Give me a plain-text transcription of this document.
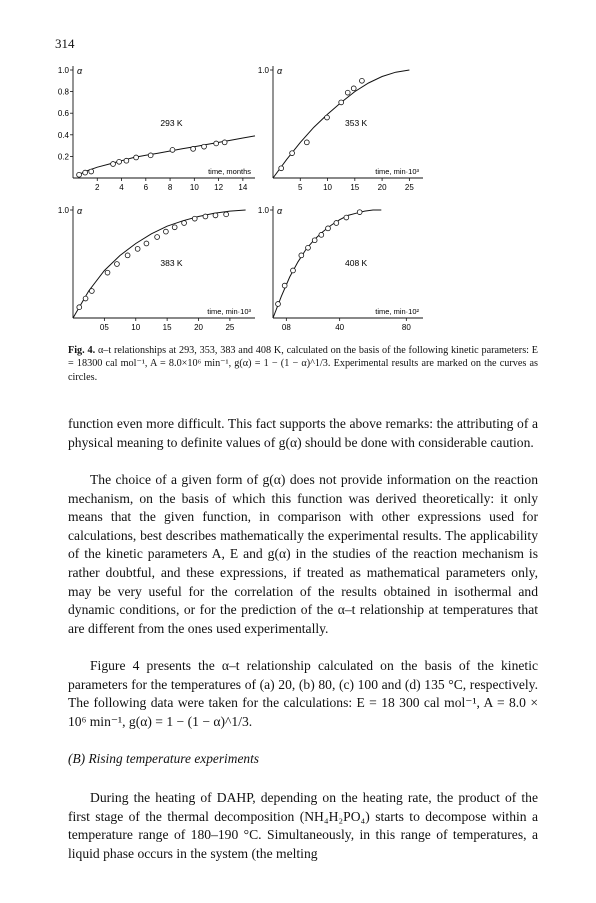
314
0.2
0.4
0.6
0.8
1.0
2 4 6 8 10 12 14
α
time, months
293 K
1.0
5	10 15 20 25
α
time, min·10³
353 K
1.0
05	10	15	20	25
α
time, min·10³
383 K
1.0
08	40	80
α
time, min·10²
408 K
Fig. 4. α–t relationships at 293, 353, 383 and 408 K, calculated on the basis of the following kinetic parameters: E = 18300 cal mol⁻¹, A = 8.0×10⁶ min⁻¹, g(α) = 1 − (1 − α)^1/3. Experimental results are marked on the curves as circles.
function even more difficult. This fact supports the above remarks: the attributing of a physical meaning to definite values of g(α) should be done with considerable caution.
The choice of a given form of g(α) does not provide information on the reaction mechanism, on the basis of which this function was derived theoretically: it only means that the given function, in comparison with other expressions used for calculations, best describes mathematically the experimental results. The applicability of the kinetic parameters A, E and g(α) in the studies of the reaction mechanism is rather doubtful, and these expressions, if treated as mathematical parameters only, may be very useful for the correlation of the results obtained in isothermal and dynamic conditions, or for the prediction of the α–t relationship at temperatures that are different from the ones used experimentally.
Figure 4 presents the α–t relationship calculated on the basis of the kinetic parameters for the temperatures of (a) 20, (b) 80, (c) 100 and (d) 135 °C, respectively. The following data were taken for the calculations: E = 18 300 cal mol⁻¹, A = 8.0 × 10⁶ min⁻¹, g(α) = 1 − (1 − α)^1/3.
(B) Rising temperature experiments
During the heating of DAHP, depending on the heating rate, the product of the first stage of the thermal decomposition (NH₄H₂PO₄) starts to decompose within a temperature range of 180–190 °C. Simultaneously, in this range of temperatures, a liquid phase occurs in the system (the melting
